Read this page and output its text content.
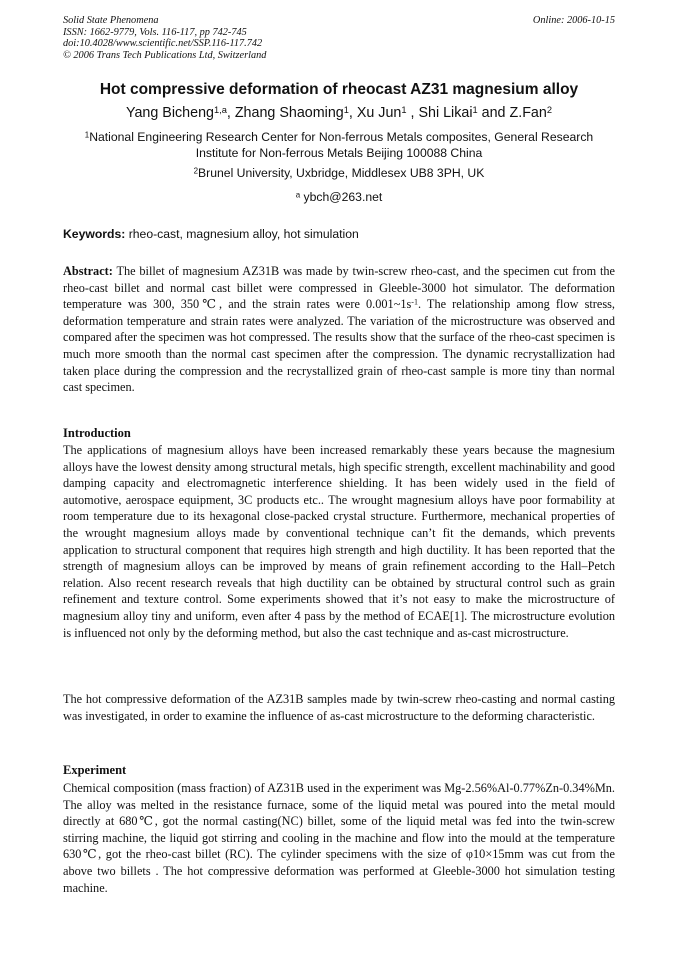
Solid State Phenomena
ISSN: 1662-9779, Vols. 116-117, pp 742-745
doi:10.4028/www.scientific.net/SSP.116-117.742
© 2006 Trans Tech Publications Ltd, Switzerland
Online: 2006-10-15
Hot compressive deformation of rheocast AZ31 magnesium alloy
Yang Bicheng$^{1,a}$, Zhang Shaoming$^1$, Xu Jun$^1$ , Shi Likai$^1$ and Z.Fan$^2$
$^1$National Engineering Research Center for Non-ferrous Metals composites, General Research Institute for Non-ferrous Metals Beijing 100088 China
$^2$Brunel University, Uxbridge, Middlesex UB8 3PH, UK
$^a$ ybch@263.net
Keywords: rheo-cast, magnesium alloy, hot simulation
Abstract: The billet of magnesium AZ31B was made by twin-screw rheo-cast, and the specimen cut from the rheo-cast billet and normal cast billet were compressed in Gleeble-3000 hot simulator. The deformation temperature was 300, 350℃, and the strain rates were $0.001\sim 1s^{-1}$. The relationship among flow stress, deformation temperature and strain rates were analyzed. The variation of the microstructure was observed and compared after the specimen was hot compressed. The results show that the surface of the rheo-cast specimen is much more smooth than the normal cast specimen after the compression. The dynamic recrystallization had taken place during the compression and the recrystallized grain of rheo-cast sample is more tiny than normal cast specimen.
Introduction
The applications of magnesium alloys have been increased remarkably these years because the magnesium alloys have the lowest density among structural metals, high specific strength, excellent machinability and good damping capacity and electromagnetic interference shielding. It has been widely used in the field of automotive, aerospace equipment, 3C products etc.. The wrought magnesium alloys have poor formability at room temperature due to its hexagonal close-packed crystal structure. Furthermore, mechanical properties of the wrought magnesium alloys made by conventional technique can’t fit the demands, which prevents application to structural component that requires high strength and high ductility. It has been reported that the strength of magnesium alloys can be improved by means of grain refinement according to the Hall–Petch relation. Also recent research reveals that high ductility can be obtained by structural control such as grain refinement and texture control. Some experiments showed that it’s not easy to make the microstructure of magnesium alloy tiny and uniform, even after 4 pass by the method of ECAE[1]. The microstructure evolution is influenced not only by the deforming method, but also the cast technique and as-cast microstructure.
The hot compressive deformation of the AZ31B samples made by twin-screw rheo-casting and normal casting was investigated, in order to examine the influence of as-cast microstructure to the deforming characteristic.
Experiment
Chemical composition (mass fraction) of AZ31B used in the experiment was Mg-2.56%Al-0.77%Zn-0.34%Mn. The alloy was melted in the resistance furnace, some of the liquid metal was poured into the metal mould directly at 680℃, got the normal casting(NC) billet, some of the liquid metal was fed into the twin-screw stirring machine, the liquid got stirring and cooling in the machine and flow into the mould at the temperature 630℃, got the rheo-cast billet (RC). The cylinder specimens with the size of φ10×15mm was cut from the above two billets . The hot compressive deformation was performed at Gleeble-3000 hot simulation testing machine.
